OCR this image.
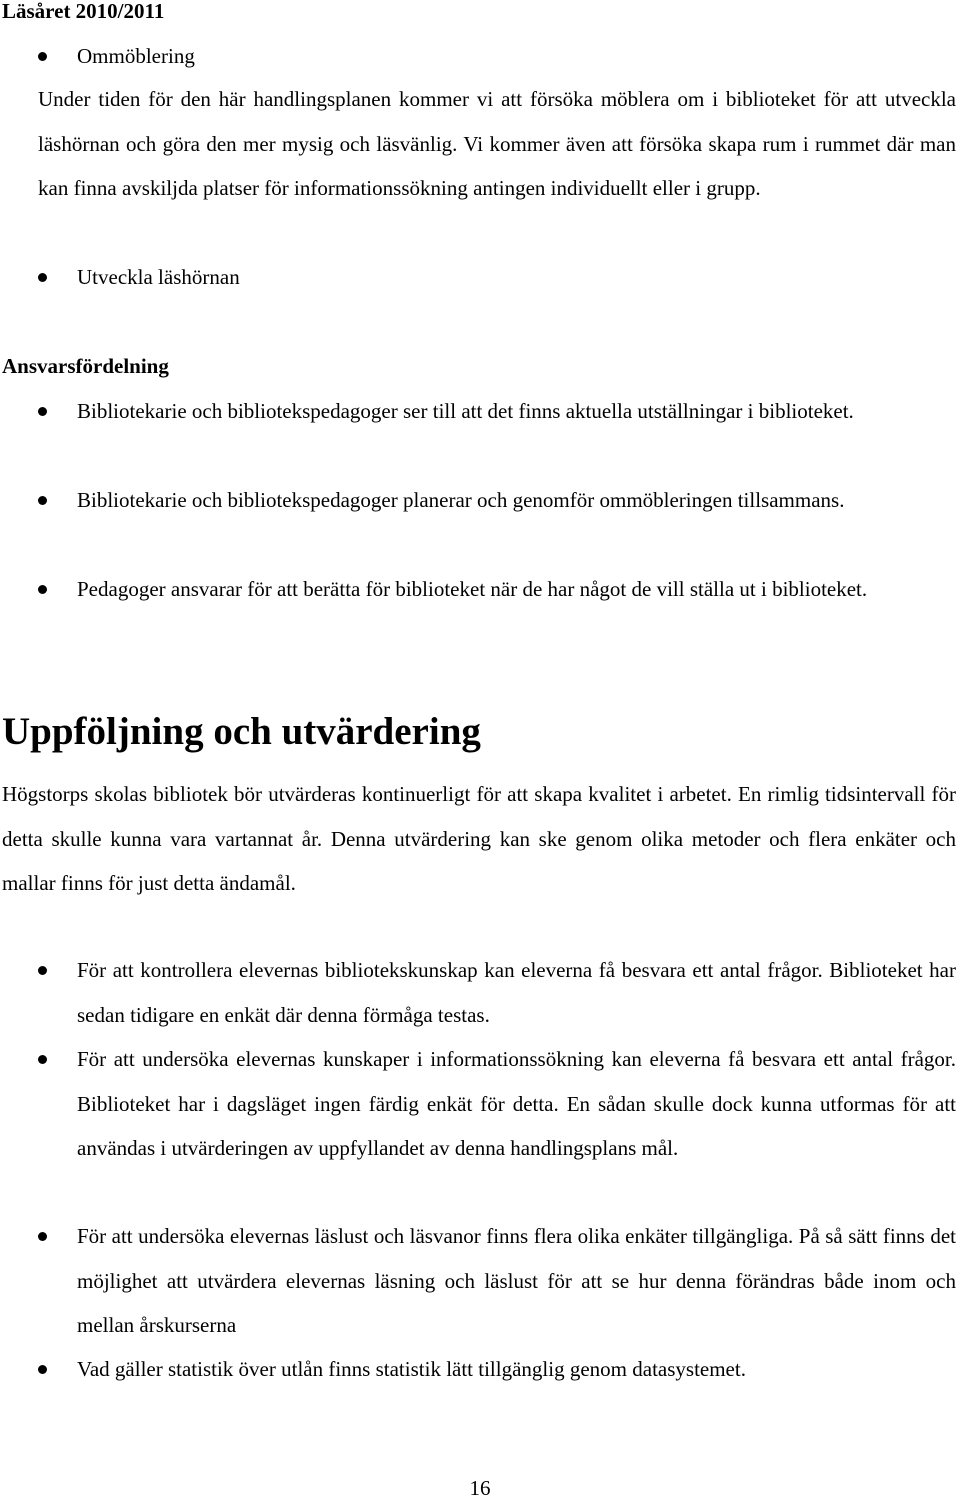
Läsåret 2010/2011
Ommöblering
Under tiden för den här handlingsplanen kommer vi att försöka möblera om i biblioteket för att utveckla läshörnan och göra den mer mysig och läsvänlig. Vi kommer även att försöka skapa rum i rummet där man kan finna avskiljda platser för informationssökning antingen individuellt eller i grupp.
Utveckla läshörnan
Ansvarsfördelning
Bibliotekarie och bibliotekspedagoger ser till att det finns aktuella utställningar i biblioteket.
Bibliotekarie och bibliotekspedagoger planerar och genomför ommöbleringen tillsammans.
Pedagoger ansvarar för att berätta för biblioteket när de har något de vill ställa ut i biblioteket.
Uppföljning och utvärdering
Högstorps skolas bibliotek bör utvärderas kontinuerligt för att skapa kvalitet i arbetet. En rimlig tidsintervall för detta skulle kunna vara vartannat år. Denna utvärdering kan ske genom olika metoder och flera enkäter och mallar finns för just detta ändamål.
För att kontrollera elevernas bibliotekskunskap kan eleverna få besvara ett antal frågor. Biblioteket har sedan tidigare en enkät där denna förmåga testas.
För att undersöka elevernas kunskaper i informationssökning kan eleverna få besvara ett antal frågor. Biblioteket har i dagsläget ingen färdig enkät för detta. En sådan skulle dock kunna utformas för att användas i utvärderingen av uppfyllandet av denna handlingsplans mål.
För att undersöka elevernas läslust och läsvanor finns flera olika enkäter tillgängliga. På så sätt finns det möjlighet att utvärdera elevernas läsning och läslust för att se hur denna förändras både inom och mellan årskurserna
Vad gäller statistik över utlån finns statistik lätt tillgänglig genom datasystemet.
16
